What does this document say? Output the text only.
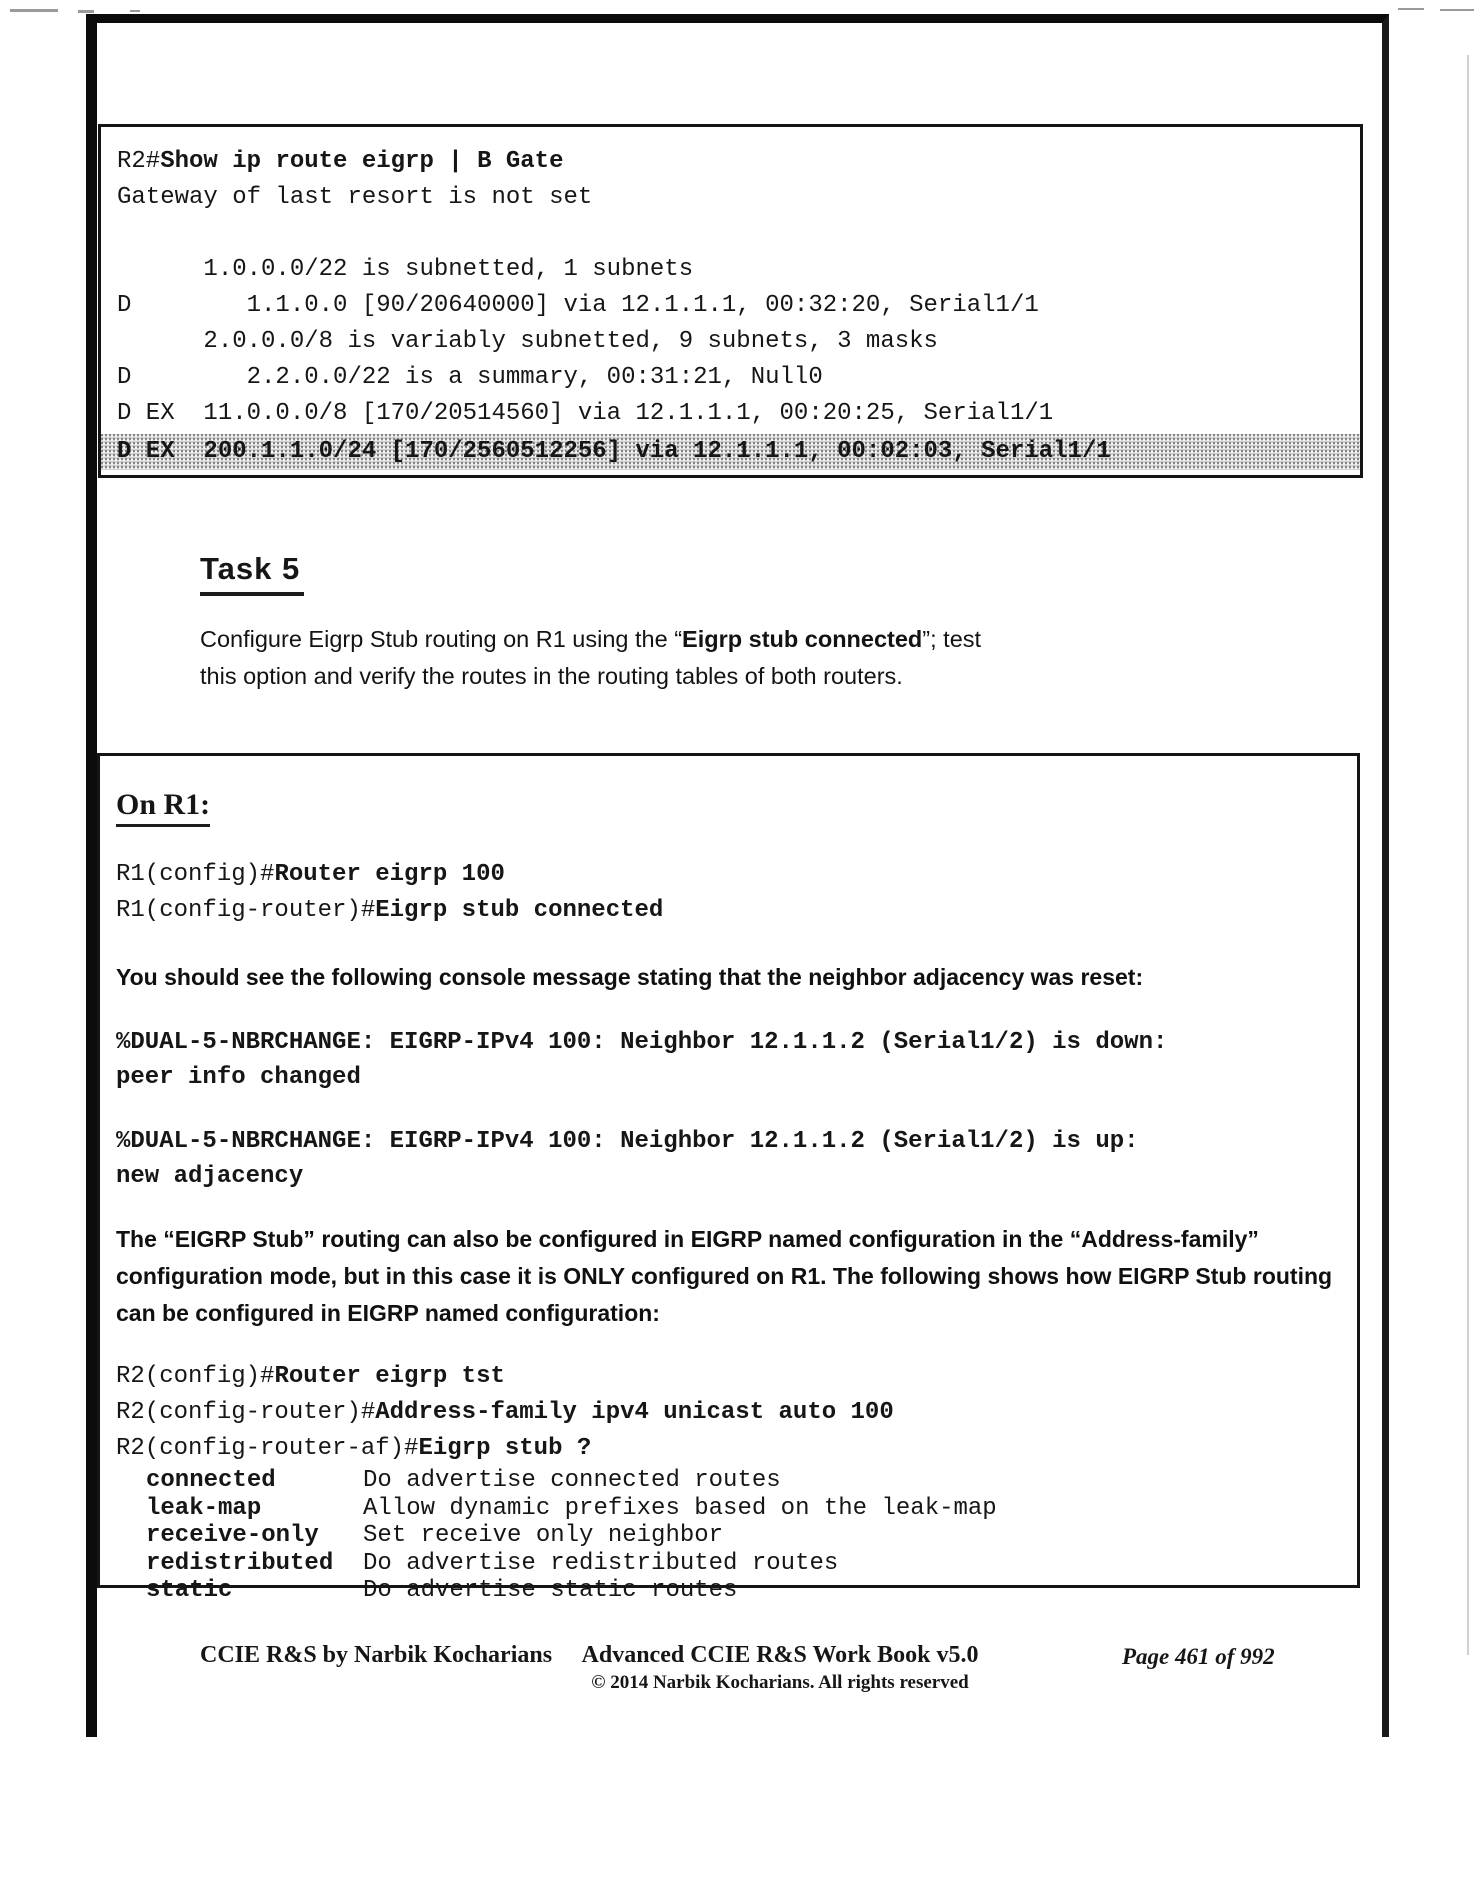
R2#Show ip route eigrp | B Gate
Gateway of last resort is not set
1.0.0.0/22 is subnetted, 1 subnets
D        1.1.0.0 [90/20640000] via 12.1.1.1, 00:32:20, Serial1/1
2.0.0.0/8 is variably subnetted, 9 subnets, 3 masks
D        2.2.0.0/22 is a summary, 00:31:21, Null0
D EX  11.0.0.0/8 [170/20514560] via 12.1.1.1, 00:20:25, Serial1/1
D EX  200.1.1.0/24 [170/2560512256] via 12.1.1.1, 00:02:03, Serial1/1
Task 5
Configure Eigrp Stub routing on R1 using the “Eigrp stub connected”; test this option and verify the routes in the routing tables of both routers.
On R1:
R1(config)#Router eigrp 100
R1(config-router)#Eigrp stub connected
You should see the following console message stating that the neighbor adjacency was reset:
%DUAL-5-NBRCHANGE: EIGRP-IPv4 100: Neighbor 12.1.1.2 (Serial1/2) is down:
peer info changed
%DUAL-5-NBRCHANGE: EIGRP-IPv4 100: Neighbor 12.1.1.2 (Serial1/2) is up:
new adjacency
The “EIGRP Stub” routing can also be configured in EIGRP named configuration in the “Address-family” configuration mode, but in this case it is ONLY configured on R1. The following shows how EIGRP Stub routing can be configured in EIGRP named configuration:
R2(config)#Router eigrp tst
R2(config-router)#Address-family ipv4 unicast auto 100
R2(config-router-af)#Eigrp stub ?
connected	Do advertise connected routes
leak-map	Allow dynamic prefixes based on the leak-map
receive-only Set receive only neighbor
redistributed Do advertise redistributed routes
static	Do advertise static routes
CCIE R&S by Narbik Kocharians	Advanced CCIE R&S Work Book v5.0
© 2014 Narbik Kocharians. All rights reserved
Page 461 of 992
